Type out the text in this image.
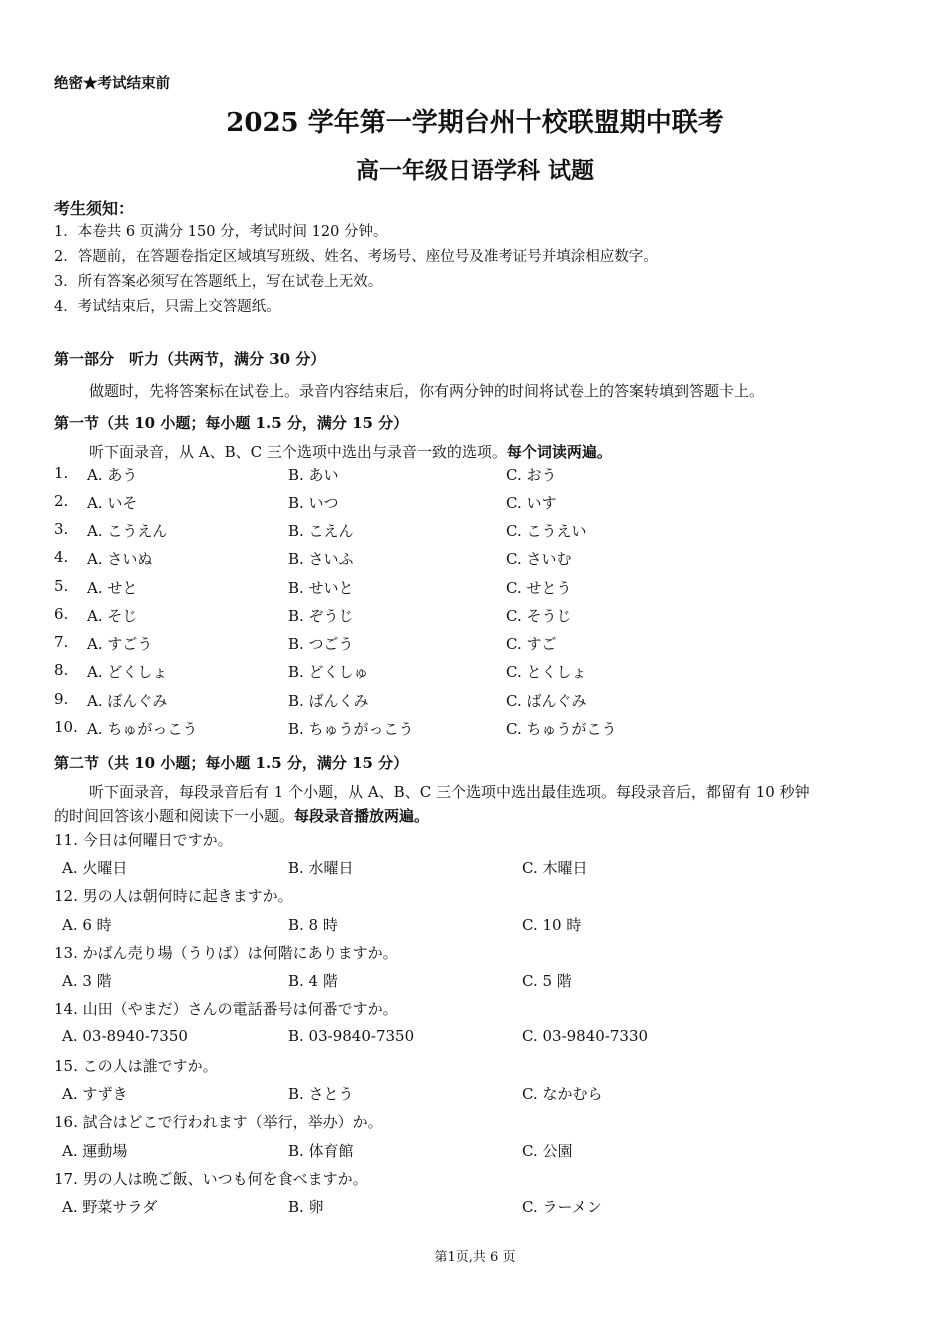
绝密★考试结束前
2025 学年第一学期台州十校联盟期中联考
高一年级日语学科 试题
考生须知：
1．本卷共 6 页满分 150 分，考试时间 120 分钟。
2．答题前，在答题卷指定区域填写班级、姓名、考场号、座位号及准考证号并填涂相应数字。
3．所有答案必须写在答题纸上，写在试卷上无效。
4．考试结束后，只需上交答题纸。
第一部分　听力（共两节，满分 30 分）
做题时，先将答案标在试卷上。录音内容结束后，你有两分钟的时间将试卷上的答案转填到答题卡上。
第一节（共 10 小题；每小题 1.5 分，满分 15 分）
听下面录音，从 A、B、C 三个选项中选出与录音一致的选项。每个词读两遍。
1. A. あう	B. あい	C. おう
2. A. いそ	B. いつ	C. いす
3. A. こうえん	B. こえん	C. こうえい
4. A. さいぬ	B. さいふ	C. さいむ
5. A. せと	B. せいと	C. せとう
6. A. そじ	B. ぞうじ	C. そうじ
7. A. すごう	B. つごう	C. すご
8. A. どくしょ	B. どくしゅ	C. とくしょ
9. A. ぼんぐみ	B. ばんくみ	C. ばんぐみ
10. A. ちゅがっこう	B. ちゅうがっこう	C. ちゅうがこう
第二节（共 10 小题；每小题 1.5 分，满分 15 分）
听下面录音，每段录音后有 1 个小题，从 A、B、C 三个选项中选出最佳选项。每段录音后，都留有 10 秒钟
的时间回答该小题和阅读下一小题。每段录音播放两遍。
11. 今日は何曜日ですか。
A. 火曜日	B. 水曜日	C. 木曜日
12. 男の人は朝何時に起きますか。
A. 6 時	B. 8 時	C. 10 時
13. かばん売り場（うりば）は何階にありますか。
A. 3 階	B. 4 階	C. 5 階
14. 山田（やまだ）さんの電話番号は何番ですか。
A. 03-8940-7350	B. 03-9840-7350	C. 03-9840-7330
15. この人は誰ですか。
A. すずき	B. さとう	C. なかむら
16. 試合はどこで行われます（举行，举办）か。
A. 運動場	B. 体育館	C. 公園
17. 男の人は晩ご飯、いつも何を食べますか。
A. 野菜サラダ	B. 卵	C. ラーメン
第1页,共 6 页
